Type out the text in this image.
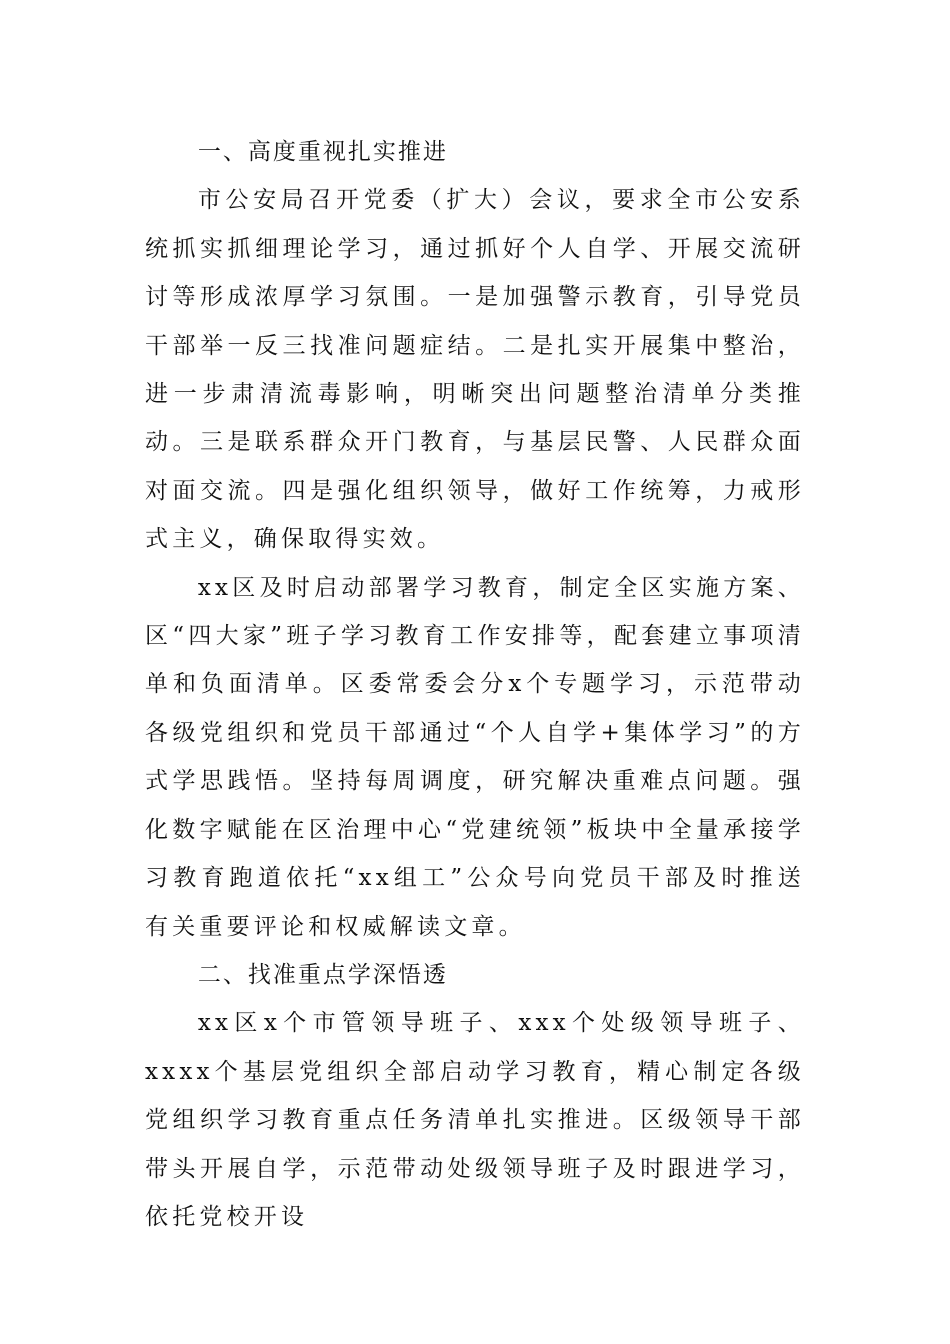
一、高度重视扎实推进

市公安局召开党委（扩大）会议，要求全市公安系统抓实抓细理论学习，通过抓好个人自学、开展交流研讨等形成浓厚学习氛围。一是加强警示教育，引导党员干部举一反三找准问题症结。二是扎实开展集中整治，进一步肃清流毒影响，明晰突出问题整治清单分类推动。三是联系群众开门教育，与基层民警、人民群众面对面交流。四是强化组织领导，做好工作统筹，力戒形式主义，确保取得实效。

xx区及时启动部署学习教育，制定全区实施方案、区“四大家”班子学习教育工作安排等，配套建立事项清单和负面清单。区委常委会分x个专题学习，示范带动各级党组织和党员干部通过“个人自学+集体学习”的方式学思践悟。坚持每周调度，研究解决重难点问题。强化数字赋能在区治理中心“党建统领”板块中全量承接学习教育跑道依托“xx组工”公众号向党员干部及时推送有关重要评论和权威解读文章。

二、找准重点学深悟透

xx区x个市管领导班子、xxx个处级领导班子、xxxx个基层党组织全部启动学习教育，精心制定各级党组织学习教育重点任务清单扎实推进。区级领导干部带头开展自学，示范带动处级领导班子及时跟进学习，依托党校开设
